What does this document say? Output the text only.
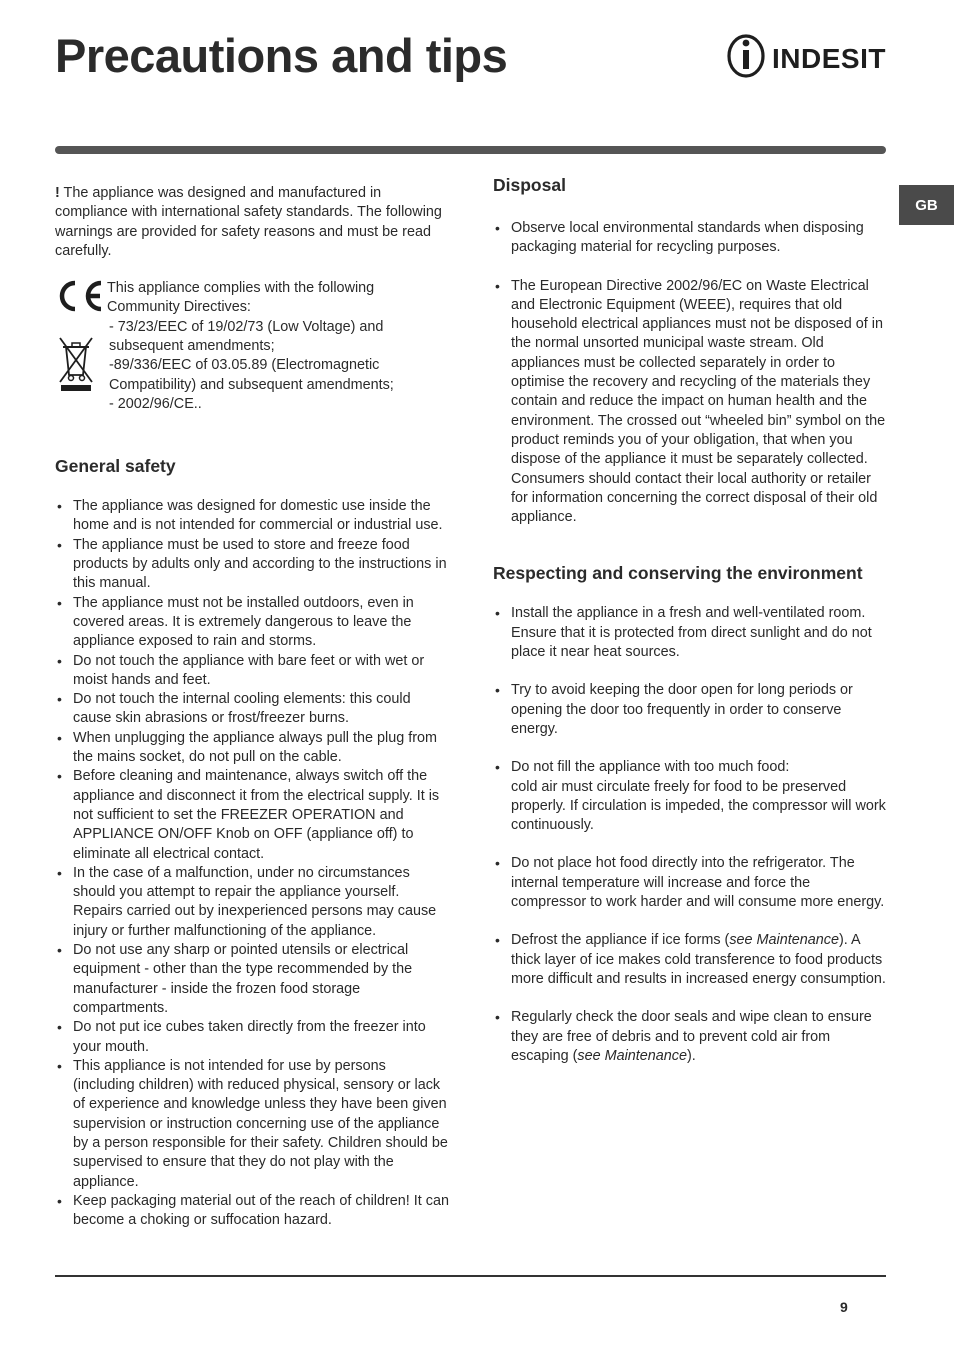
Precautions and tips	INDESIT
GB

! The appliance was designed and manufactured in compliance with international safety standards. The following warnings are provided for safety reasons and must be read carefully.

This appliance complies with the following Community Directives:

- 73/23/EEC of 19/02/73 (Low Voltage) and subsequent amendments;

-89/336/EEC of 03.05.89 (Electromagnetic Compatibility) and subsequent amendments;

- 2002/96/CE..

General safety
• The appliance was designed for domestic use inside the home and is not intended for commercial or industrial use.
• The appliance must be used to store and freeze food products by adults only and according to the instructions in this manual.
• The appliance must not be installed outdoors, even in covered areas. It is extremely dangerous to leave the appliance exposed to rain and storms.
• Do not touch the appliance with bare feet or with wet or moist hands and feet.
• Do not touch the internal cooling elements: this could cause skin abrasions or frost/freezer burns.
• When unplugging the appliance always pull the plug from the mains socket, do not pull on the cable.
• Before cleaning and maintenance, always switch off the appliance and disconnect it from the electrical supply. It is not sufficient to set the FREEZER OPERATION and APPLIANCE ON/OFF Knob on OFF (appliance off) to eliminate all electrical contact.
• In the case of a malfunction, under no circumstances should you attempt to repair the appliance yourself. Repairs carried out by inexperienced persons may cause injury or further malfunctioning of the appliance.
• Do not use any sharp or pointed utensils or electrical equipment - other than the type recommended by the manufacturer - inside the frozen food storage compartments.
• Do not put ice cubes taken directly from the freezer into your mouth.
• This appliance is not intended for use by persons (including children) with reduced physical, sensory or lack of experience and knowledge unless they have been given supervision or instruction concerning use of the appliance by a person responsible for their safety. Children should be supervised to ensure that they do not play with the appliance.
• Keep packaging material out of the reach of children! It can become a choking or suffocation hazard.
Disposal
• Observe local environmental standards when disposing packaging material for recycling purposes.
• The European Directive 2002/96/EC on Waste Electrical and Electronic Equipment (WEEE), requires that old household electrical appliances must not be disposed of in the normal unsorted municipal waste stream. Old appliances must be collected separately in order to optimise the recovery and recycling of the materials they contain and reduce the impact on human health and the environment. The crossed out “wheeled bin” symbol on the product reminds you of your obligation, that when you dispose of the appliance it must be separately collected.
Consumers should contact their local authority or retailer for information concerning the correct disposal of their old appliance.
Respecting and conserving the environment
• Install the appliance in a fresh and well-ventilated room. Ensure that it is protected from direct sunlight and do not place it near heat sources.
• Try to avoid keeping the door open for long periods or opening the door too frequently in order to conserve energy.
• Do not fill the appliance with too much food:
cold air must circulate freely for food to be preserved properly. If circulation is impeded, the compressor will work continuously.
• Do not place hot food directly into the refrigerator. The internal temperature will increase and force the compressor to work harder and will consume more energy.
• Defrost the appliance if ice forms (see Maintenance). A thick layer of ice makes cold transference to food products more difficult and results in increased energy consumption.
• Regularly check the door seals and wipe clean to ensure they are free of debris and to prevent cold air from escaping (see Maintenance).
9
